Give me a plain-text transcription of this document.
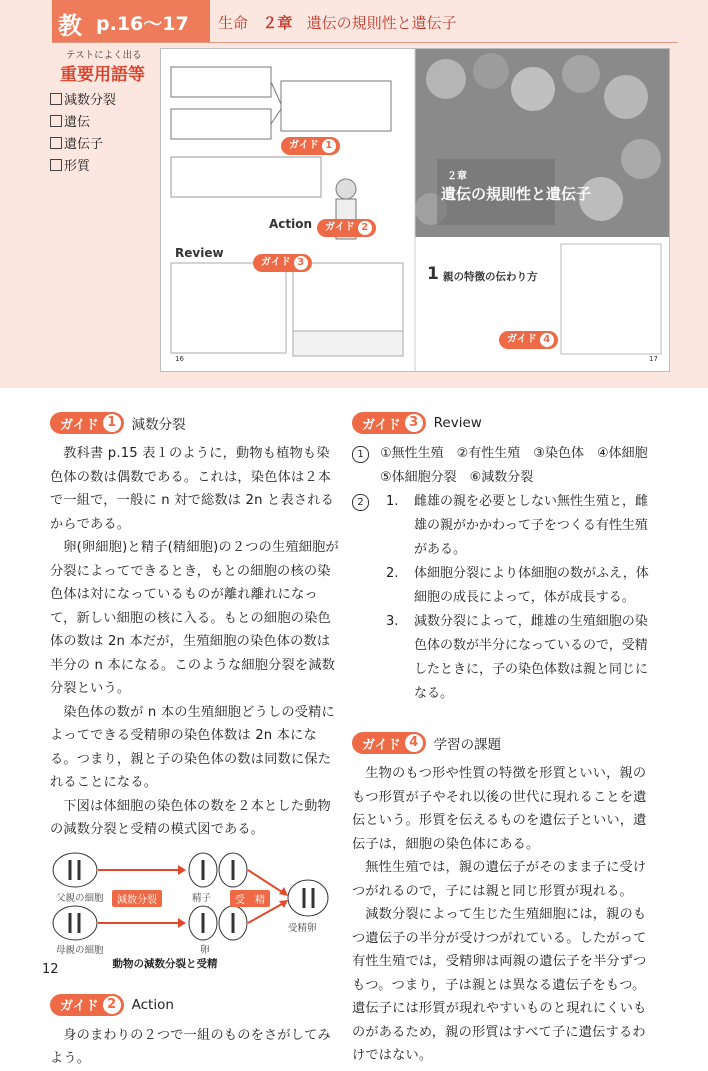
教 p.16〜17 生命 ２章 遺伝の規則性と遺伝子
テストによく出る
重要用語等
減数分裂
遺伝
遺伝子
形質
２章
遺伝の規則性と遺伝子
1 親の特徴の伝わり方
Review
Action
16	17
ガイド 1
ガイド 2
ガイド 3
ガイド 4
ガイド 1	減数分裂

教科書 p.15 表１のように，動物も植物も染色体の数は偶数である。これは，染色体は２本で一組で，一般に n 対で総数は 2n と表されるからである。

卵(卵細胞)と精子(精細胞)の２つの生殖細胞が分裂によってできるとき，もとの細胞の核の染色体は対になっているものが離れ離れになって，新しい細胞の核に入る。もとの細胞の染色体の数は 2n 本だが，生殖細胞の染色体の数は半分の n 本になる。このような細胞分裂を減数分裂という。

染色体の数が n 本の生殖細胞どうしの受精によってできる受精卵の染色体数は 2n 本になる。つまり，親と子の染色体の数は同数に保たれることになる。

下図は体細胞の染色体の数を２本とした動物の減数分裂と受精の模式図である。

父親の細胞
母親の細胞
減数分裂	受　精
精子
卵
受精卵
動物の減数分裂と受精
ガイド 2	Action

身のまわりの２つで一組のものをさがしてみよう。

ガイド 3	Review
1	①無性生殖　②有性生殖　③染色体　④体細胞
⑤体細胞分裂　⑥減数分裂
2	1. 雌雄の親を必要としない無性生殖と，雌雄の親がかかわって子をつくる有性生殖がある。
2. 体細胞分裂により体細胞の数がふえ，体細胞の成長によって，体が成長する。
3. 減数分裂によって，雌雄の生殖細胞の染色体の数が半分になっているので，受精したときに，子の染色体数は親と同じになる。
ガイド 4	学習の課題

生物のもつ形や性質の特徴を形質といい，親のもつ形質が子やそれ以後の世代に現れることを遺伝という。形質を伝えるものを遺伝子といい，遺伝子は，細胞の染色体にある。

無性生殖では，親の遺伝子がそのまま子に受けつがれるので，子には親と同じ形質が現れる。

減数分裂によって生じた生殖細胞には，親のもつ遺伝子の半分が受けつがれている。したがって有性生殖では，受精卵は両親の遺伝子を半分ずつもつ。つまり，子は親とは異なる遺伝子をもつ。遺伝子には形質が現れやすいものと現れにくいものがあるため，親の形質はすべて子に遺伝するわけではない。

12
